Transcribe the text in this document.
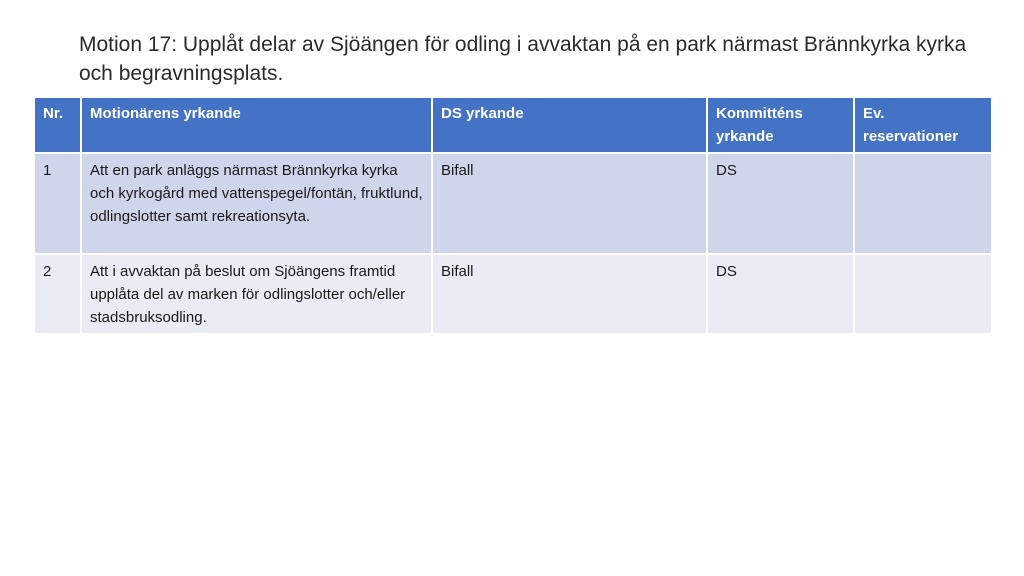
Motion 17: Upplåt delar av Sjöängen för odling i avvaktan på en park närmast Brännkyrka kyrka och begravningsplats.
Nr.	Motionärens yrkande	DS yrkande	Kommitténs yrkande	Ev. reservationer
1	Att en park anläggs närmast Brännkyrka kyrka och kyrkogård med vattenspegel/fontän, fruktlund, odlingslotter samt rekreationsyta.	Bifall	DS	
2	Att i avvaktan på beslut om Sjöängens framtid upplåta del av marken för odlingslotter och/eller stadsbruksodling.	Bifall	DS	
